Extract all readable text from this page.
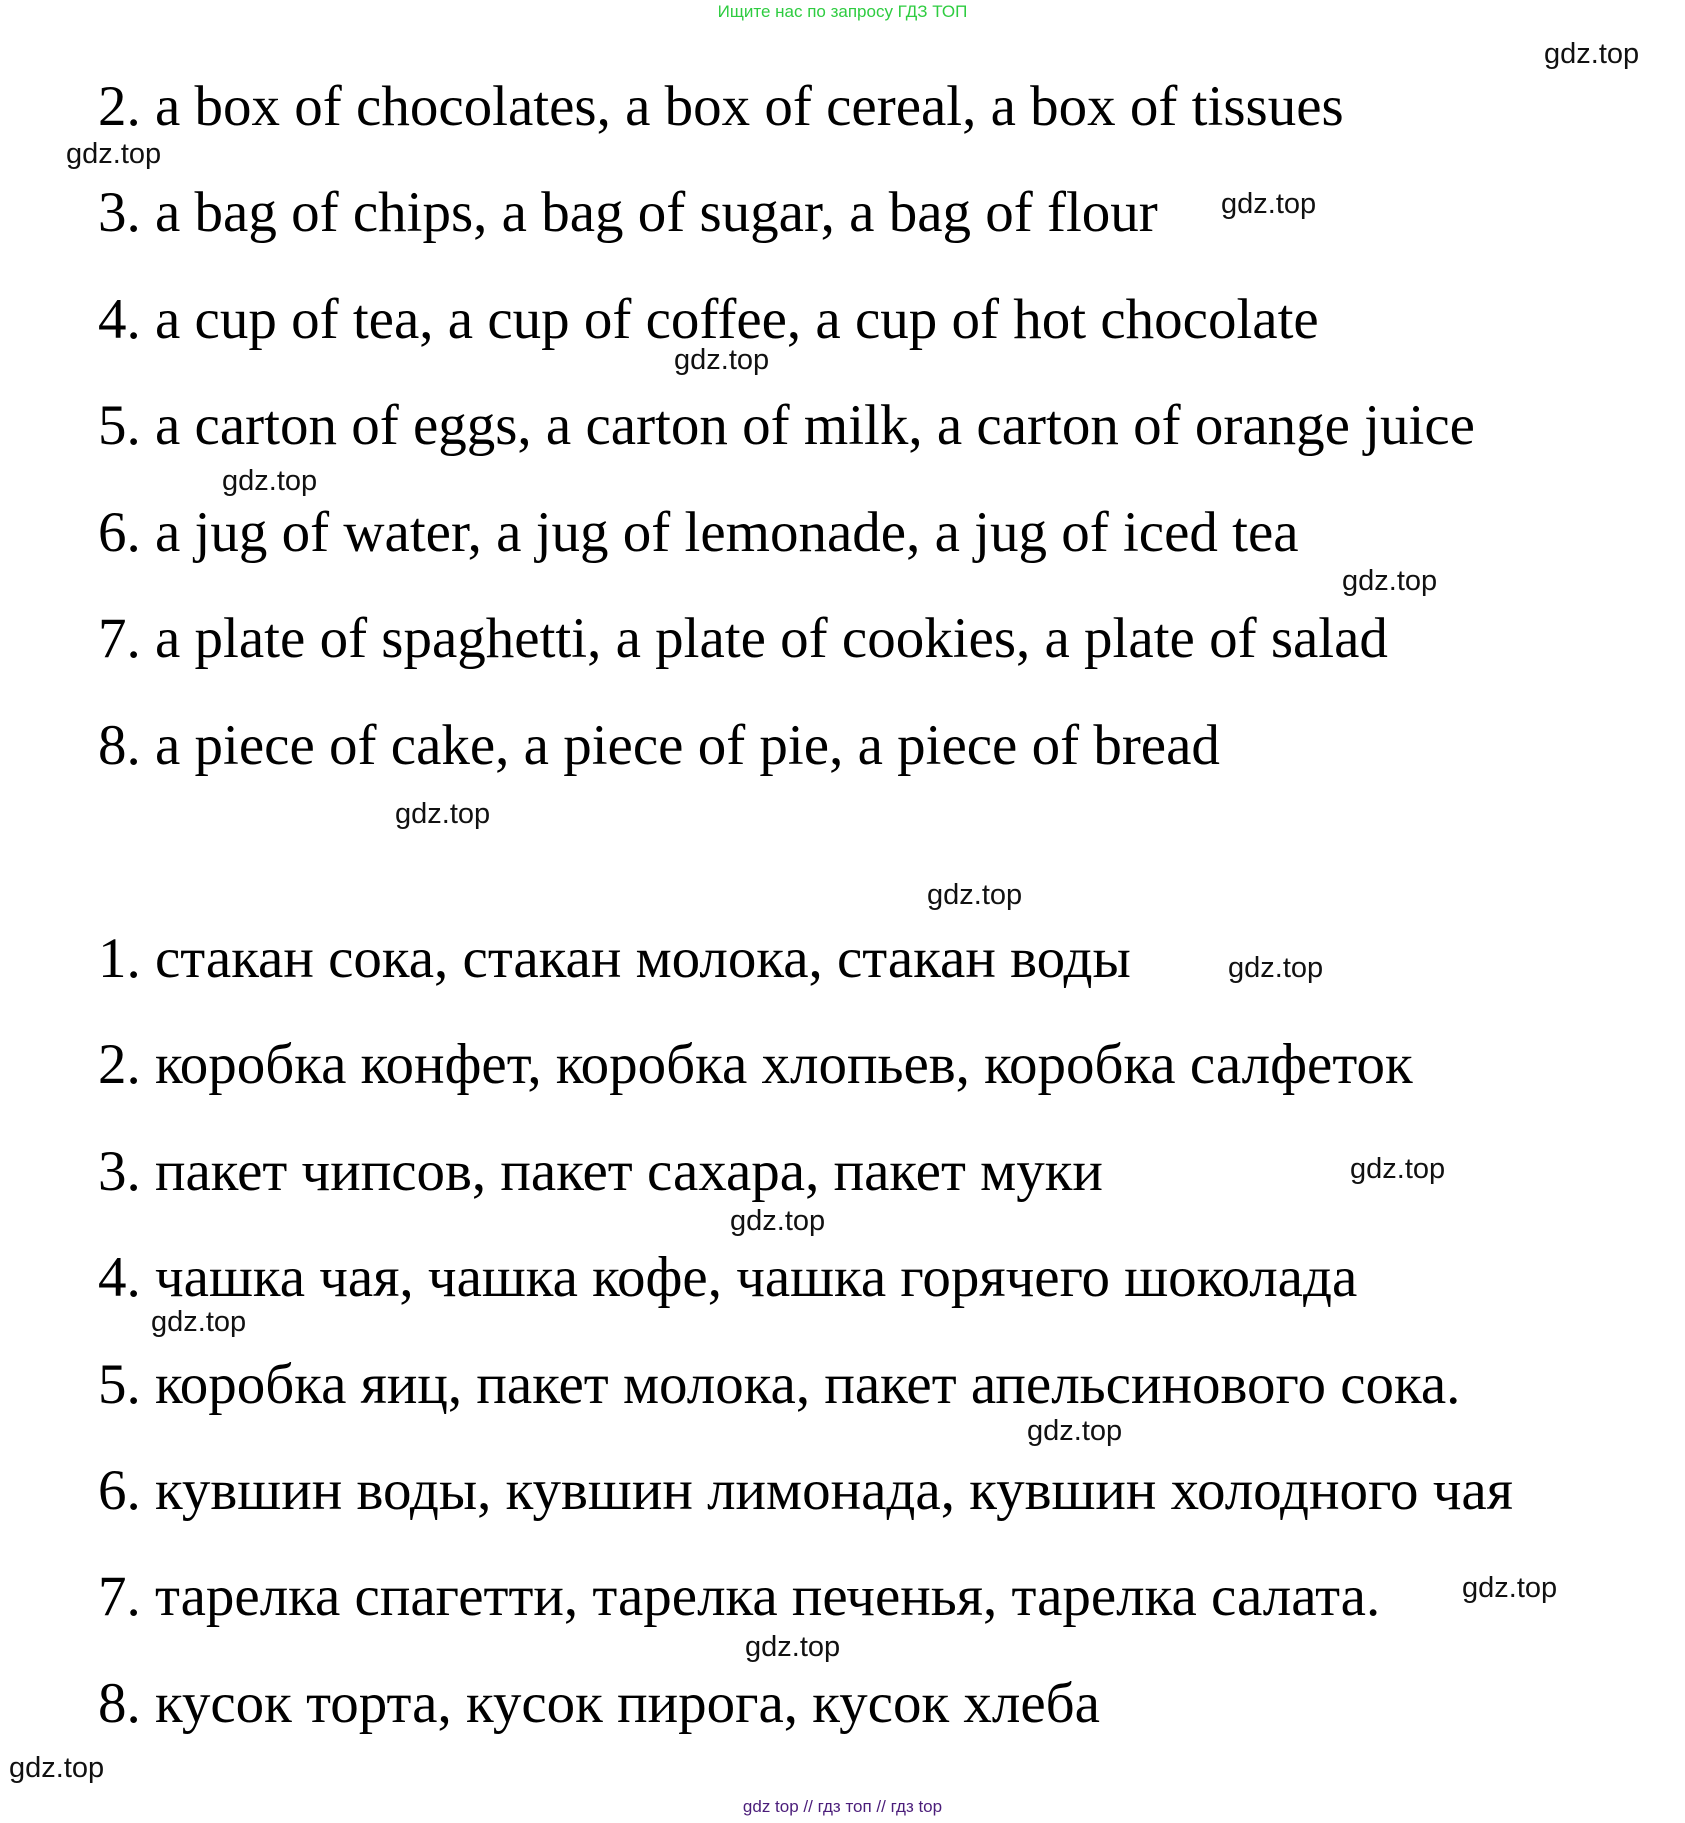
Ищите нас по запросу ГДЗ ТОП
2. a box of chocolates, a box of cereal, a box of tissues
3. a bag of chips, a bag of sugar, a bag of flour
4. a cup of tea, a cup of coffee, a cup of hot chocolate
5. a carton of eggs, a carton of milk, a carton of orange juice
6. a jug of water, a jug of lemonade, a jug of iced tea
7. a plate of spaghetti, a plate of cookies, a plate of salad
8. a piece of cake, a piece of pie, a piece of bread
1. стакан сока, стакан молока, стакан воды
2. коробка конфет, коробка хлопьев, коробка салфеток
3. пакет чипсов, пакет сахара, пакет муки
4. чашка чая, чашка кофе, чашка горячего шоколада
5. коробка яиц, пакет молока, пакет апельсинового сока.
6. кувшин воды, кувшин лимонада, кувшин холодного чая
7. тарелка спагетти, тарелка печенья, тарелка салата.
8. кусок торта, кусок пирога, кусок хлеба
gdz.top
gdz.top
gdz.top
gdz.top
gdz.top
gdz.top
gdz.top
gdz.top
gdz.top
gdz.top
gdz.top
gdz.top
gdz.top
gdz.top
gdz.top
gdz.top
gdz top // гдз топ // гдз top
